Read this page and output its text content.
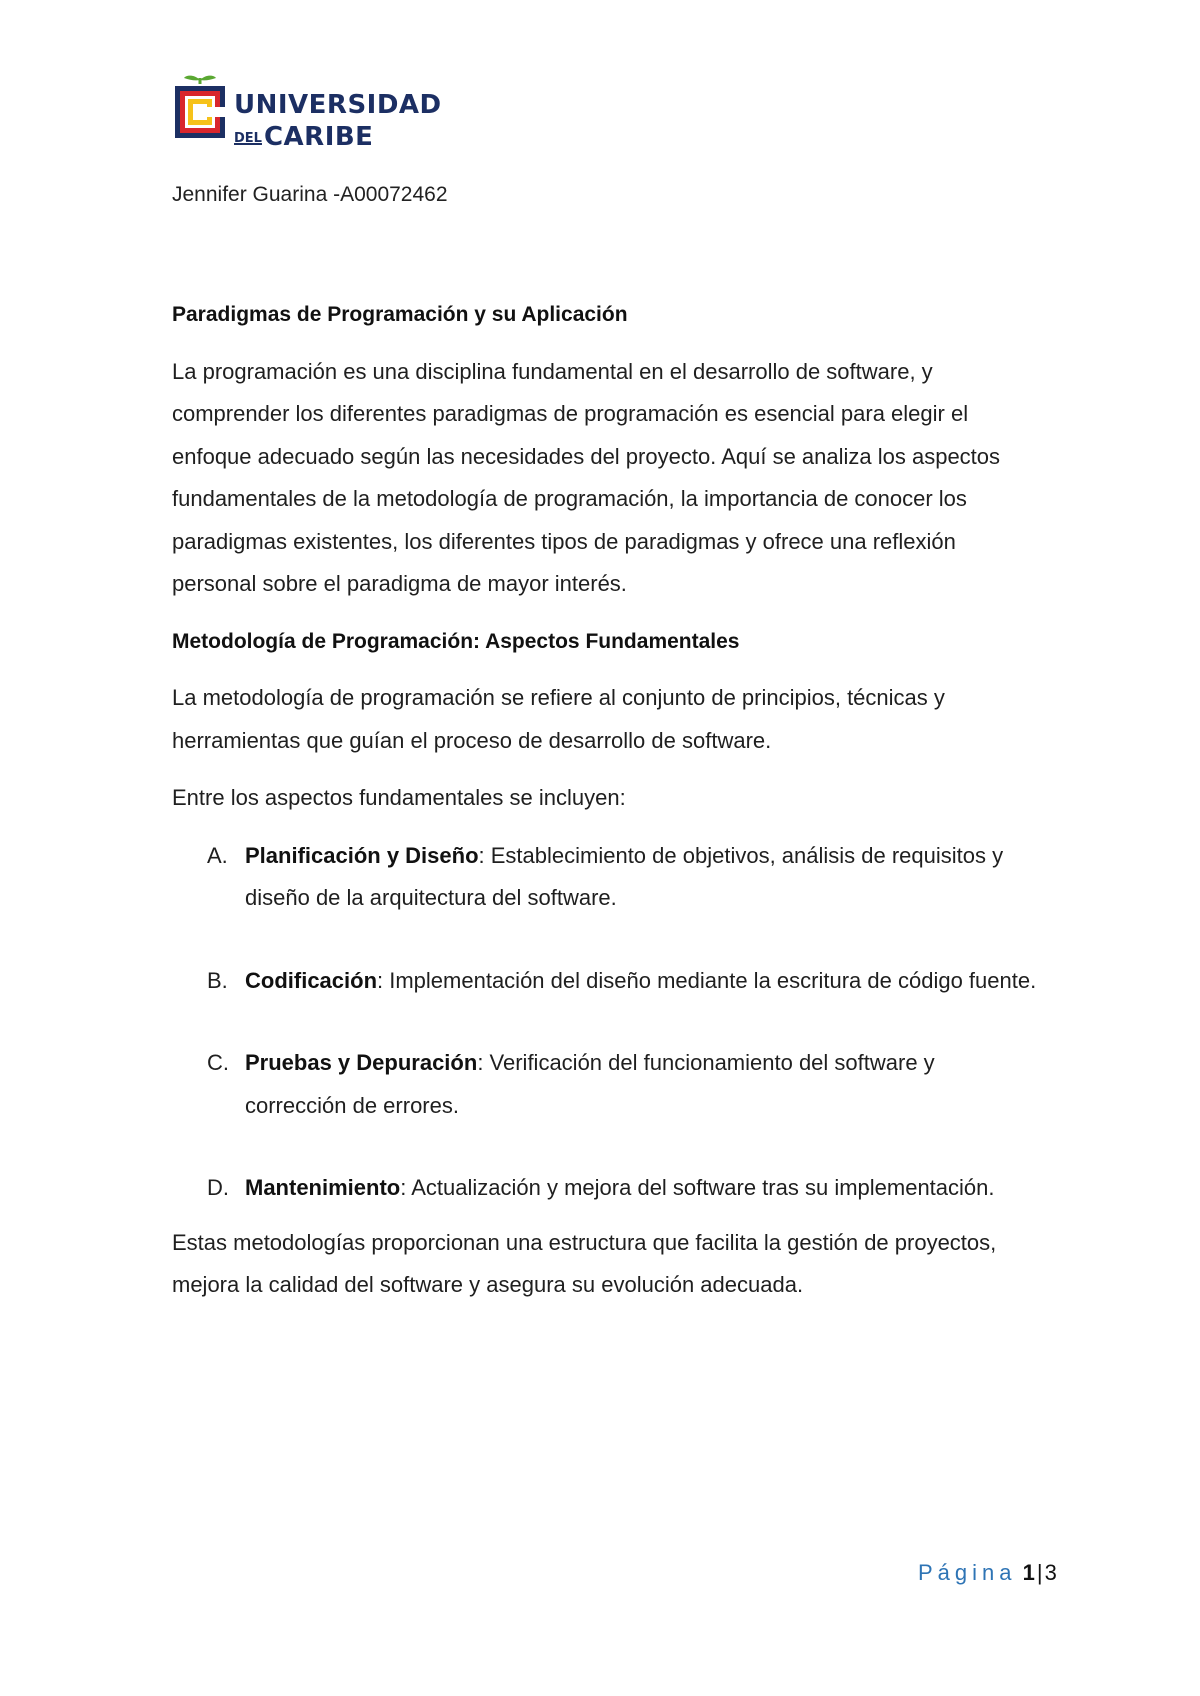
UNIVERSIDAD
DELCARIBE
Jennifer Guarina -A00072462
Paradigmas de Programación y su Aplicación

La programación es una disciplina fundamental en el desarrollo de software, y comprender los diferentes paradigmas de programación es esencial para elegir el enfoque adecuado según las necesidades del proyecto. Aquí se analiza los aspectos fundamentales de la metodología de programación, la importancia de conocer los paradigmas existentes, los diferentes tipos de paradigmas y ofrece una reflexión personal sobre el paradigma de mayor interés.

Metodología de Programación: Aspectos Fundamentales

La metodología de programación se refiere al conjunto de principios, técnicas y herramientas que guían el proceso de desarrollo de software.

Entre los aspectos fundamentales se incluyen:

A. Planificación y Diseño: Establecimiento de objetivos, análisis de requisitos y diseño de la arquitectura del software.
B. Codificación: Implementación del diseño mediante la escritura de código fuente.
C. Pruebas y Depuración: Verificación del funcionamiento del software y corrección de errores.
D. Mantenimiento: Actualización y mejora del software tras su implementación.

Estas metodologías proporcionan una estructura que facilita la gestión de proyectos, mejora la calidad del software y asegura su evolución adecuada.

Página 1|3
